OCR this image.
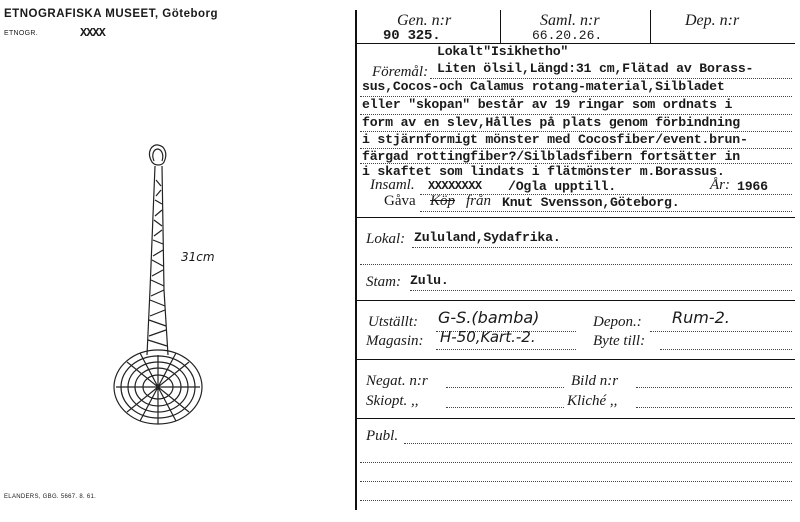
ETNOGRAFISKA MUSEET, Göteborg
ETNOGR.	XXXX
31cm
ELANDERS, GBG. 5667. 8. 61.
Gen. n:r
90 325.
Saml. n:r
66.20.26.
Dep. n:r
Föremål:
Lokalt"Isikhetho"
Liten ölsil,Längd:31 cm,Flätad av Borass-
sus,Cocos-och Calamus rotang-material,Silbladet
eller "skopan" består av 19 ringar som ordnats i
form av en slev,Hålles på plats genom förbindning
i stjärnformigt mönster med Cocosfiber/event.brun-
färgad rottingfiber?/Silbladsfibern fortsätter in
i skaftet som lindats i flätmönster m.Borassus.
Insaml. XXXXXXXX /Ogla upptill.	År: 1966
Gåva Köp från Knut Svensson,Göteborg.
Lokal: Zululand,Sydafrika.
Stam: Zulu.
Utställt: G-S.(bamba)	Depon.: Rum-2.
Magasin: H-50,Kart.-2.	Byte till:
Negat. n:r	Bild n:r
Skiopt. ,,	Kliché ,,
Publ.
